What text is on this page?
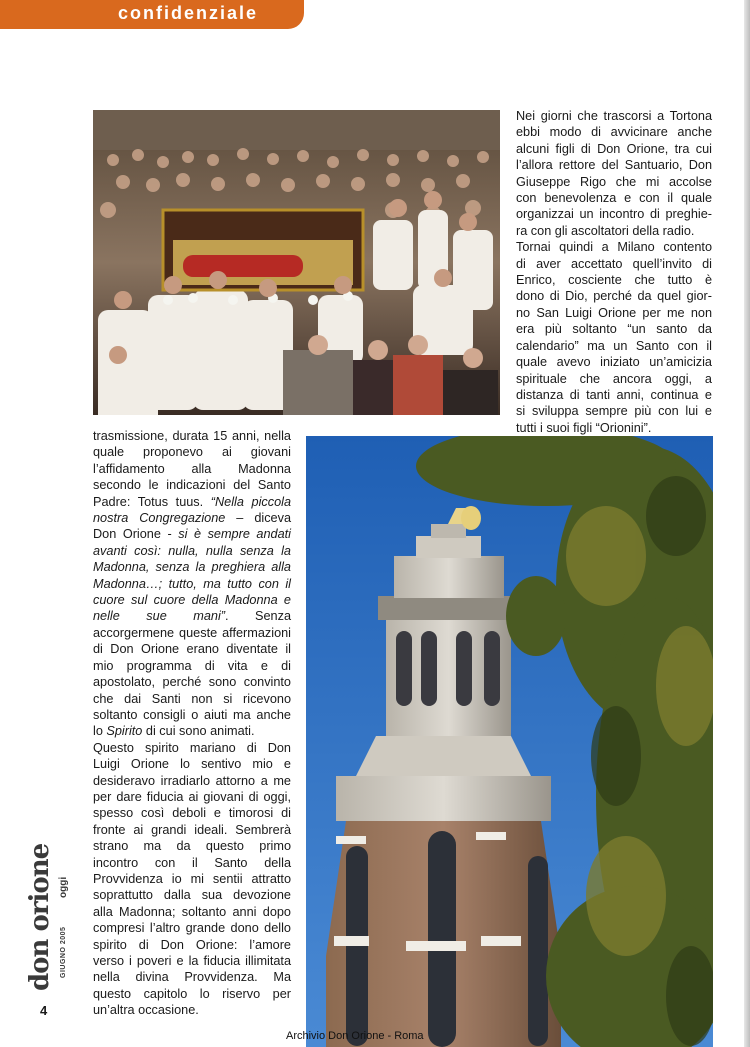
confidenziale
Nei giorni che trascorsi a Tortona
ebbi modo di avvicinare anche
alcuni figli di Don Orione, tra cui
l’allora rettore del Santuario, Don
Giuseppe Rigo che mi accolse
con benevolenza e con il quale
organizzai un incontro di preghie-
ra con gli ascoltatori della radio.
Tornai quindi a Milano contento
di aver accettato quell’invito di
Enrico, cosciente che tutto è
dono di Dio, perché da quel gior-
no San Luigi Orione per me non
era più soltanto “un santo da
calendario” ma un Santo con il
quale avevo iniziato un’amicizia
spirituale che ancora oggi, a
distanza di tanti anni, continua e
si sviluppa sempre più con lui e
tutti i suoi figli “Orionini”.

trasmissione, durata 15 anni, nella quale proponevo ai giovani l’affidamento alla Madonna secondo le indicazioni del Santo Padre: Totus tuus. “Nella piccola nostra Congregazione – diceva Don Orione - si è sempre andati avanti così: nulla, nulla senza la Madonna, senza la preghiera alla Madonna…; tutto, ma tutto con il cuore sul cuore della Madonna e nelle sue mani”. Senza accorgermene queste affermazioni di Don Orione erano diventate il mio programma di vita e di apostolato, perché sono convinto che dai Santi non si ricevono soltanto consigli o aiuti ma anche lo Spirito di cui sono animati.

Questo spirito mariano di Don Luigi Orione lo sentivo mio e desideravo irradiarlo attorno a me per dare fiducia ai giovani di oggi, spesso così deboli e timorosi di fronte ai grandi ideali. Sembrerà strano ma da questo primo incontro con il Santo della Provvidenza io mi sentii attratto soprattutto dalla sua devozione alla Madonna; soltanto anni dopo compresi l’altro grande dono dello spirito di Don Orione: l’amore verso i poveri e la fiducia illimitata nella divina Provvidenza. Ma questo capitolo lo riservo per un’altra occasione.

don orione oggi
GIUGNO 2005
4
Archivio Don Orione - Roma
